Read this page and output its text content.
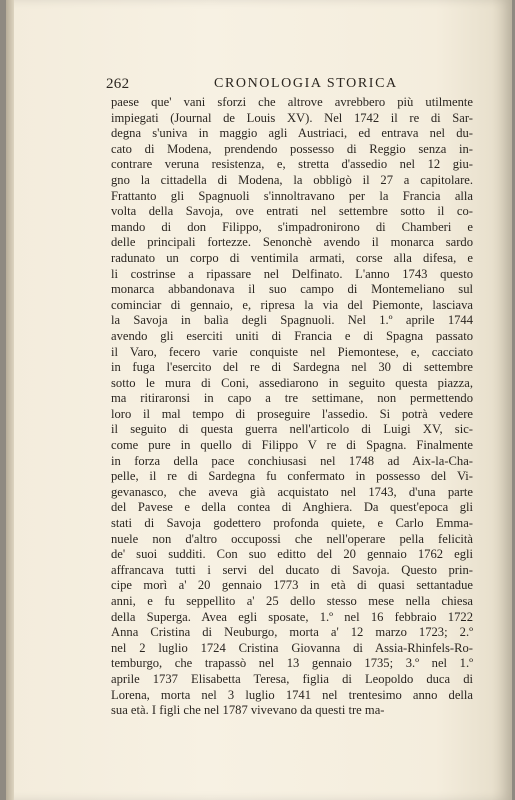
262	CRONOLOGIA STORICA
paese que' vani sforzi che altrove avrebbero più utilmente
impiegati (Journal de Louis XV). Nel 1742 il re di Sar-
degna s'univa in maggio agli Austriaci, ed entrava nel du-
cato di Modena, prendendo possesso di Reggio senza in-
contrare veruna resistenza, e, stretta d'assedio nel 12 giu-
gno la cittadella di Modena, la obbligò il 27 a capitolare.
Frattanto gli Spagnuoli s'innoltravano per la Francia alla
volta della Savoja, ove entrati nel settembre sotto il co-
mando di don Filippo, s'impadronirono di Chamberi e
delle principali fortezze. Senonchè avendo il monarca sardo
radunato un corpo di ventimila armati, corse alla difesa, e
li costrinse a ripassare nel Delfinato. L'anno 1743 questo
monarca abbandonava il suo campo di Montemeliano sul
cominciar di gennaio, e, ripresa la via del Piemonte, lasciava
la Savoja in balìa degli Spagnuoli. Nel 1.º aprile 1744
avendo gli eserciti uniti di Francia e di Spagna passato
il Varo, fecero varie conquiste nel Piemontese, e, cacciato
in fuga l'esercito del re di Sardegna nel 30 di settembre
sotto le mura di Coni, assediarono in seguito questa piazza,
ma ritiraronsi in capo a tre settimane, non permettendo
loro il mal tempo di proseguire l'assedio. Si potrà vedere
il seguito di questa guerra nell'articolo di Luigi XV, sic-
come pure in quello di Filippo V re di Spagna. Finalmente
in forza della pace conchiusasi nel 1748 ad Aix-la-Cha-
pelle, il re di Sardegna fu confermato in possesso del Vi-
gevanasco, che aveva già acquistato nel 1743, d'una parte
del Pavese e della contea di Anghiera. Da quest'epoca gli
stati di Savoja godettero profonda quiete, e Carlo Emma-
nuele non d'altro occupossi che nell'operare pella felicità
de' suoi sudditi. Con suo editto del 20 gennaio 1762 egli
affrancava tutti i servi del ducato di Savoja. Questo prin-
cipe morì a' 20 gennaio 1773 in età di quasi settantadue
anni, e fu seppellito a' 25 dello stesso mese nella chiesa
della Superga. Avea egli sposate, 1.º nel 16 febbraio 1722
Anna Cristina di Neuburgo, morta a' 12 marzo 1723; 2.º
nel 2 luglio 1724 Cristina Giovanna di Assia-Rhinfels-Ro-
temburgo, che trapassò nel 13 gennaio 1735; 3.º nel 1.º
aprile 1737 Elisabetta Teresa, figlia di Leopoldo duca di
Lorena, morta nel 3 luglio 1741 nel trentesimo anno della
sua età. I figli che nel 1787 vivevano da questi tre ma-
